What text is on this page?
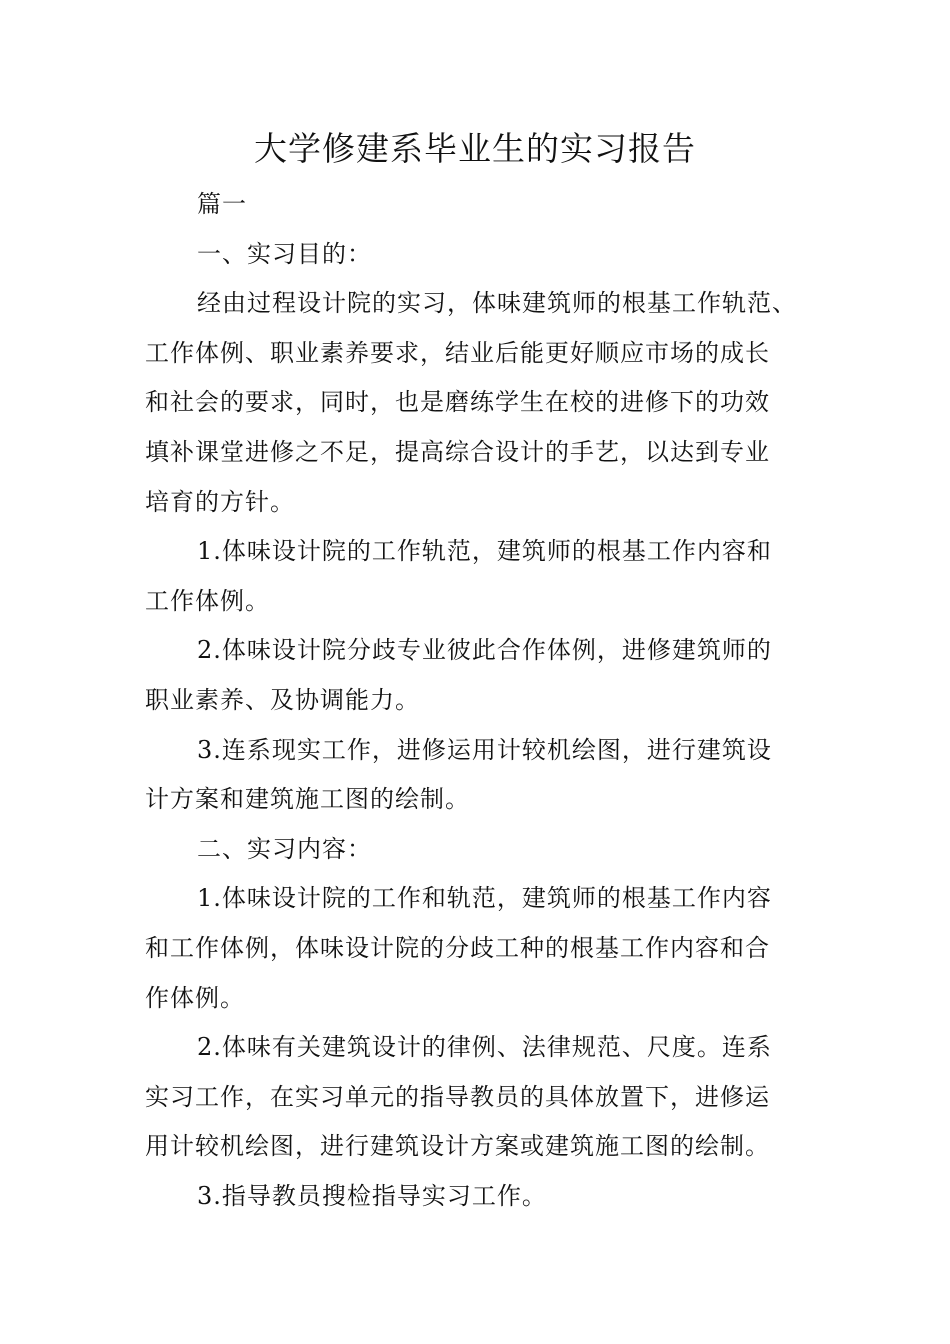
大学修建系毕业生的实习报告

篇一

一、实习目的：

经由过程设计院的实习，体味建筑师的根基工作轨范、

工作体例、职业素养要求，结业后能更好顺应市场的成长

和社会的要求，同时，也是磨练学生在校的进修下的功效

填补课堂进修之不足，提高综合设计的手艺，以达到专业

培育的方针。

1.体味设计院的工作轨范，建筑师的根基工作内容和

工作体例。

2.体味设计院分歧专业彼此合作体例，进修建筑师的

职业素养、及协调能力。

3.连系现实工作，进修运用计较机绘图，进行建筑设

计方案和建筑施工图的绘制。

二、实习内容：

1.体味设计院的工作和轨范，建筑师的根基工作内容

和工作体例，体味设计院的分歧工种的根基工作内容和合

作体例。

2.体味有关建筑设计的律例、法律规范、尺度。连系

实习工作，在实习单元的指导教员的具体放置下，进修运

用计较机绘图，进行建筑设计方案或建筑施工图的绘制。

3.指导教员搜检指导实习工作。
